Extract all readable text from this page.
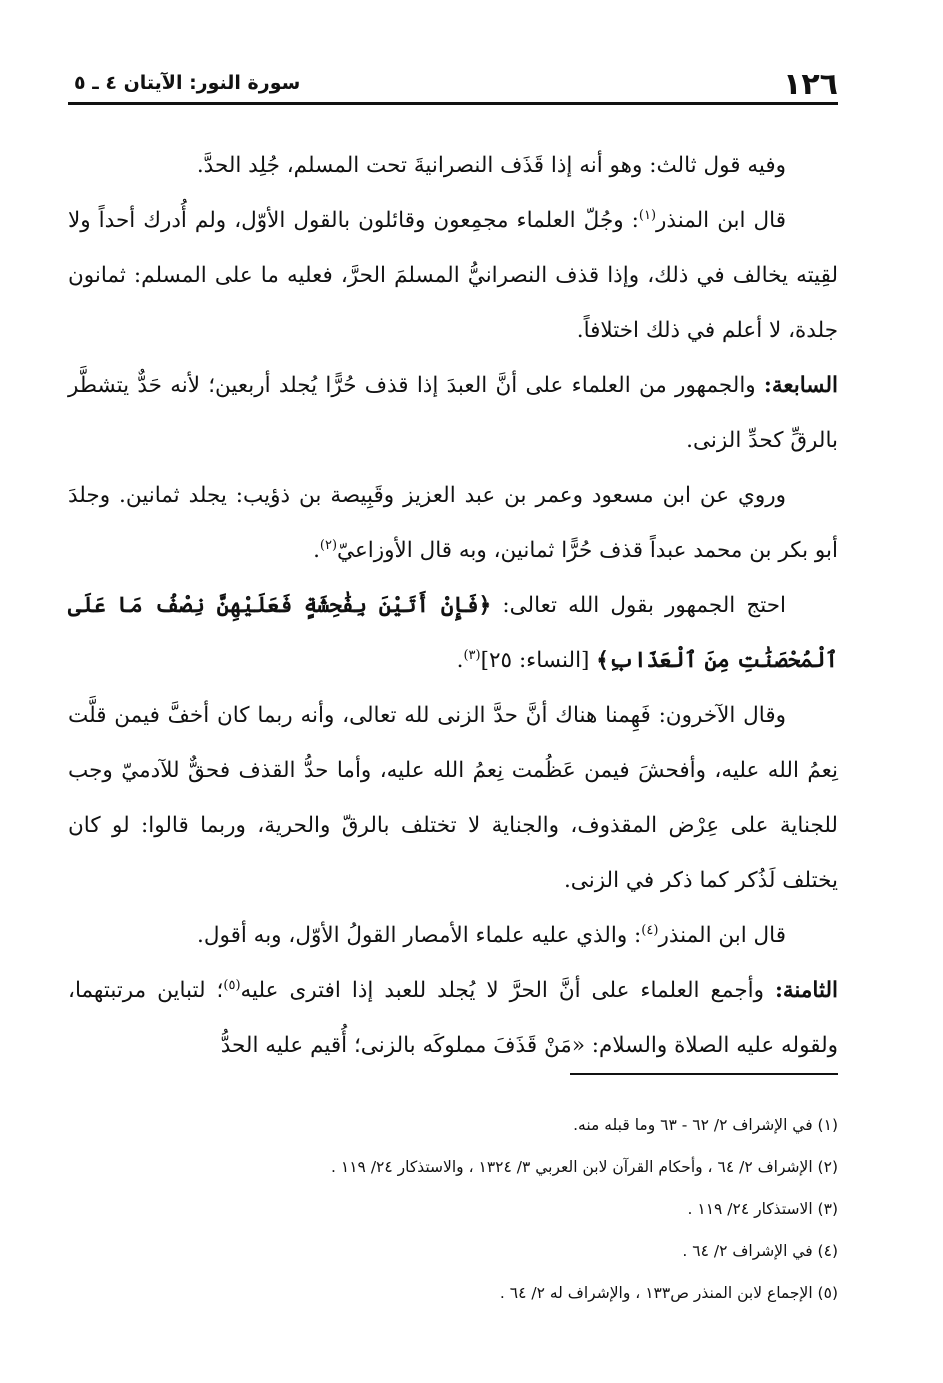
١٢٦
سورة النور: الآيتان ٤ ـ ٥

وفيه قول ثالث: وهو أنه إذا قَذَف النصرانيةَ تحت المسلم، جُلِد الحدَّ.

قال ابن المنذر$^{(١)}$: وجُلّ العلماء مجمِعون وقائلون بالقول الأوّل، ولم أُدرك أحداً ولا لقِيته يخالف في ذلك، وإذا قذف النصرانيُّ المسلمَ الحرَّ، فعليه ما على المسلم: ثمانون جلدة، لا أعلم في ذلك اختلافاً.

السابعة: والجمهور من العلماء على أنَّ العبدَ إذا قذف حُرًّا يُجلد أربعين؛ لأنه حَدٌّ يتشطَّر بالرقِّ كحدِّ الزنى.

وروي عن ابن مسعود وعمر بن عبد العزيز وقَبِيصة بن ذؤيب: يجلد ثمانين. وجلدَ أبو بكر بن محمد عبداً قذف حُرًّا ثمانين، وبه قال الأوزاعيّ$^{(٢)}$.

احتج الجمهور بقول الله تعالى: ﴿فَإِنْ أَتَيْنَ بِفَٰحِشَةٍ فَعَلَيْهِنَّ نِصْفُ مَا عَلَى ٱلْمُحْصَنَٰتِ مِنَ ٱلْعَذَابِ﴾ [النساء: ٢٥]$^{(٣)}$.

وقال الآخرون: فَهِمنا هناك أنَّ حدَّ الزنى لله تعالى، وأنه ربما كان أخفَّ فيمن قلَّت نِعمُ الله عليه، وأفحشَ فيمن عَظُمت نِعمُ الله عليه، وأما حدُّ القذف فحقٌّ للآدميّ وجب للجناية على عِرْض المقذوف، والجناية لا تختلف بالرقّ والحرية، وربما قالوا: لو كان يختلف لَذُكر كما ذكر في الزنى.

قال ابن المنذر$^{(٤)}$: والذي عليه علماء الأمصار القولُ الأوّل، وبه أقول.

الثامنة: وأجمع العلماء على أنَّ الحرَّ لا يُجلد للعبد إذا افترى عليه$^{(٥)}$؛ لتباين مرتبتهما، ولقوله عليه الصلاة والسلام: «مَنْ قَذَفَ مملوكَه بالزنى؛ أُقيم عليه الحدُّ

(١) في الإشراف ٢/ ٦٢ - ٦٣ وما قبله منه.
(٢) الإشراف ٢/ ٦٤ ، وأحكام القرآن لابن العربي ٣/ ١٣٢٤ ، والاستذكار ٢٤/ ١١٩ .
(٣) الاستذكار ٢٤/ ١١٩ .
(٤) في الإشراف ٢/ ٦٤ .
(٥) الإجماع لابن المنذر ص١٣٣ ، والإشراف له ٢/ ٦٤ .
